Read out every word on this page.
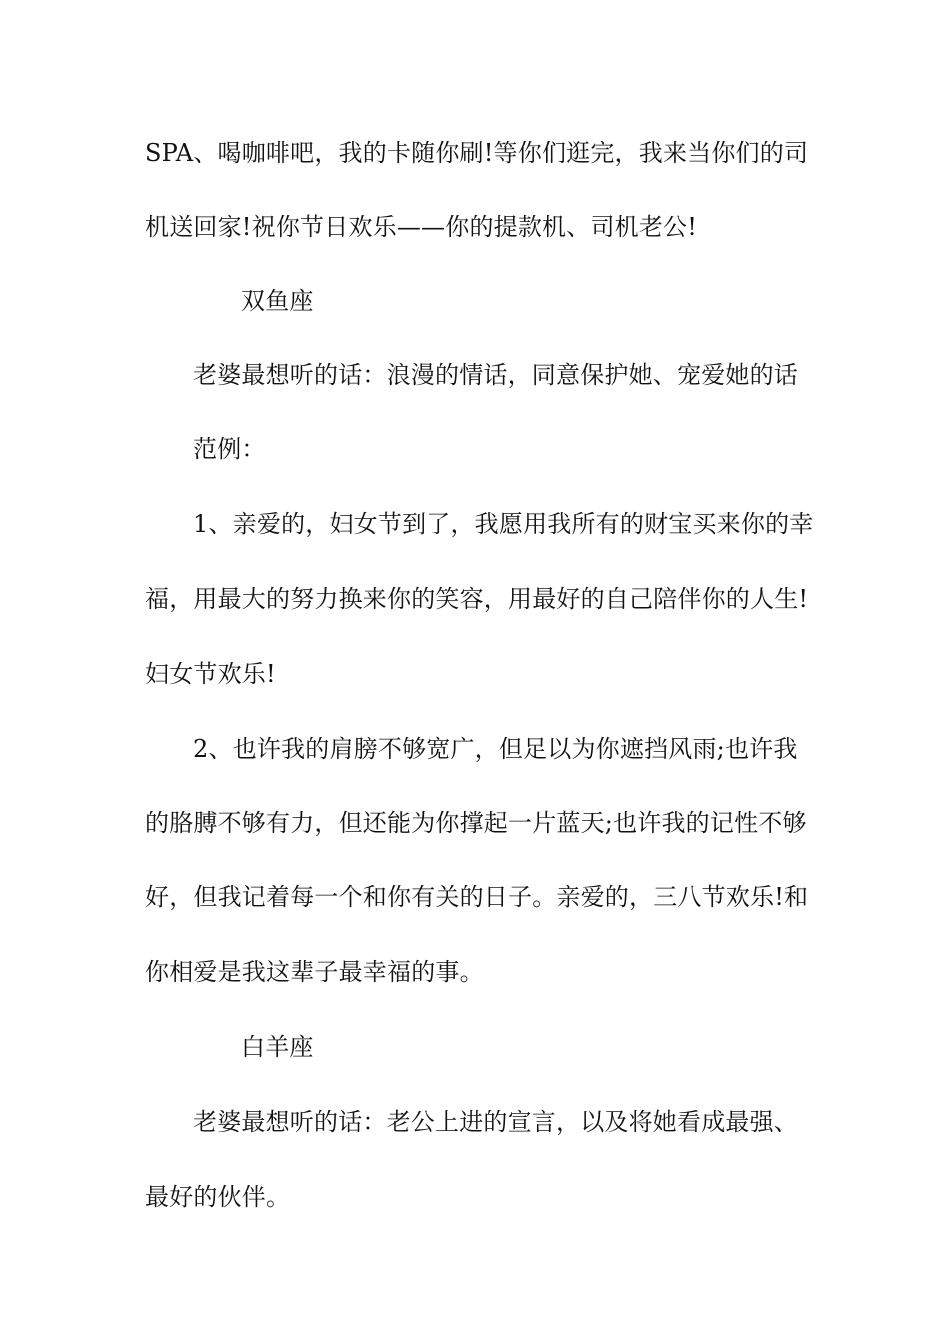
SPA、喝咖啡吧，我的卡随你刷!等你们逛完，我来当你们的司
机送回家!祝你节日欢乐——你的提款机、司机老公!
双鱼座
老婆最想听的话：浪漫的情话，同意保护她、宠爱她的话
范例：
1、亲爱的，妇女节到了，我愿用我所有的财宝买来你的幸
福，用最大的努力换来你的笑容，用最好的自己陪伴你的人生!
妇女节欢乐!
2、也许我的肩膀不够宽广，但足以为你遮挡风雨;也许我
的胳膊不够有力，但还能为你撑起一片蓝天;也许我的记性不够
好，但我记着每一个和你有关的日子。亲爱的，三八节欢乐!和
你相爱是我这辈子最幸福的事。
白羊座
老婆最想听的话：老公上进的宣言，以及将她看成最强、
最好的伙伴。
